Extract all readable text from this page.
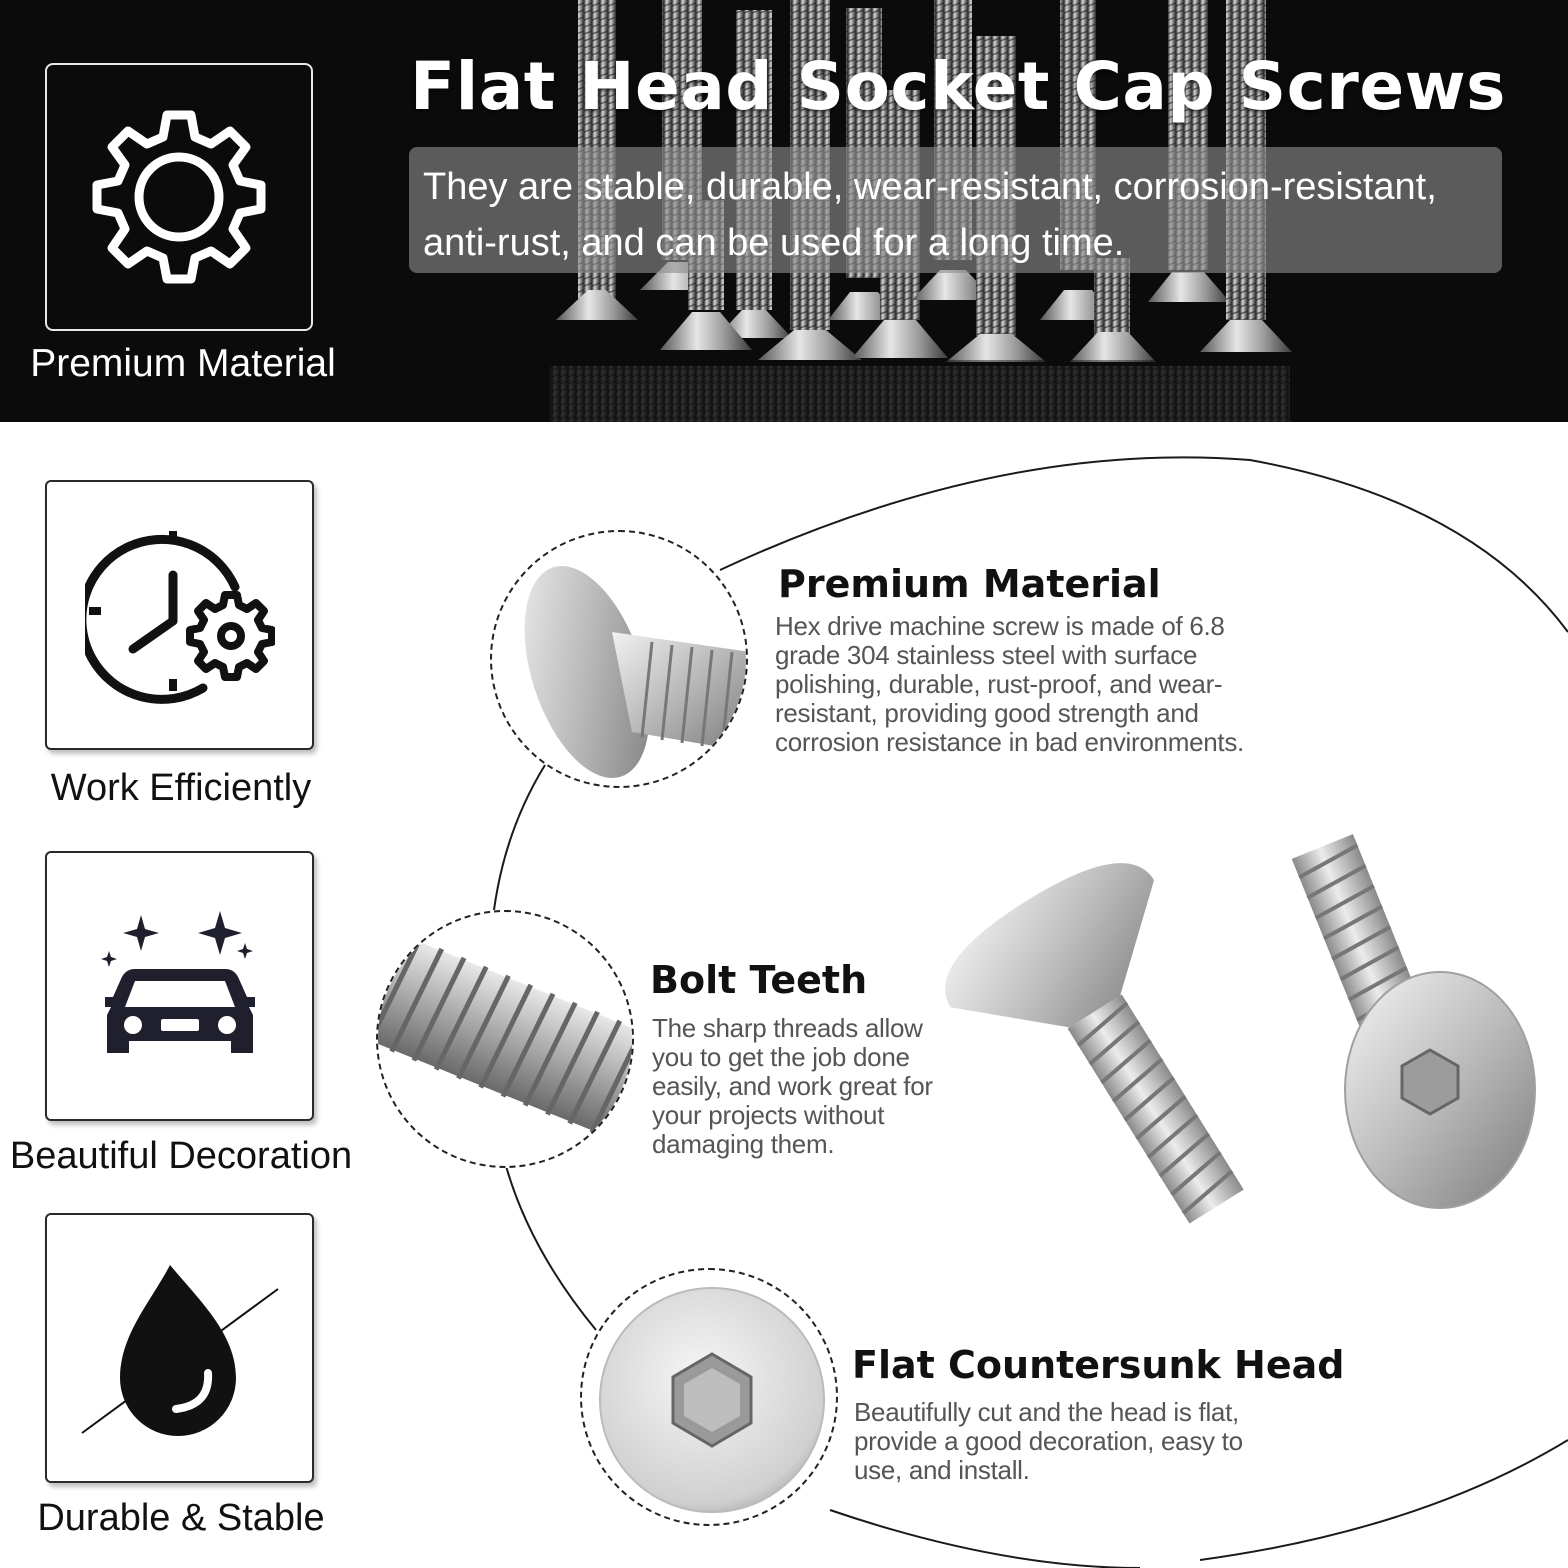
Premium Material
Flat Head Socket Cap Screws

They are stable, durable, wear-resistant, corrosion-resistant, anti-rust, and can be used for a long time.

Work Efficiently
Beautiful Decoration
Durable & Stable
Premium Material

Hex drive machine screw is made of 6.8 grade 304 stainless steel with surface polishing, durable, rust-proof, and wear-resistant, providing good strength and corrosion resistance in bad environments.

Bolt Teeth

The sharp threads allow you to get the job done easily, and work great for your projects without damaging them.

Flat Countersunk Head

Beautifully cut and the head is flat, provide a good decoration, easy to use, and install.
